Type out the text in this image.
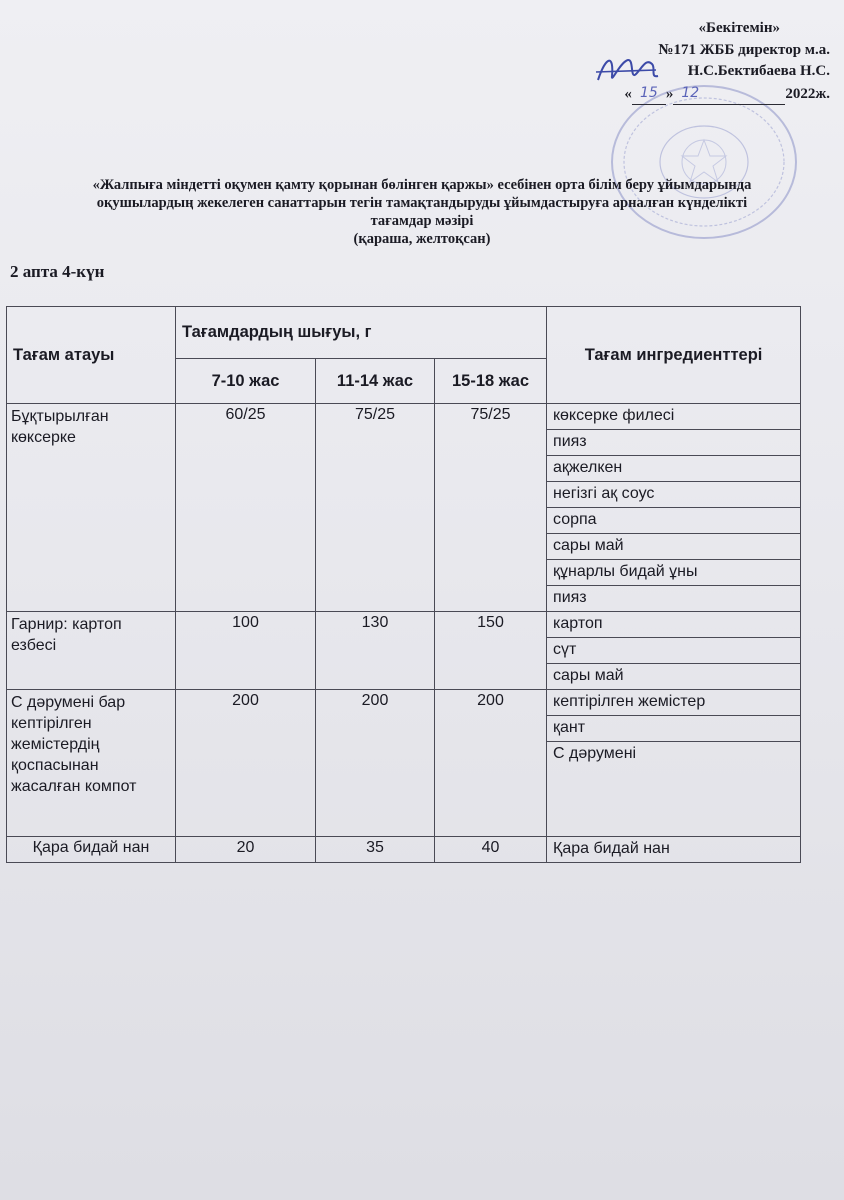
«Бекітемін»
№171 ЖББ директор м.а.
Н.С.Бектибаева Н.С.
« 15 » 12	2022ж.
«Жалпыға міндетті оқумен қамту қорынан бөлінген қаржы» есебінен орта білім беру ұйымдарында
оқушылардың жекелеген санаттарын тегін тамақтандыруды ұйымдастыруға арналған күнделікті
тағамдар мәзірі
(қараша, желтоқсан)
2 апта 4-күн
Тағам атауы	Тағамдардың шығуы, г			Тағам ингредиенттері
	7-10 жас	11-14 жас	15-18 жас	
Бұқтырылған көксерке	60/25	75/25	75/25	көксерке филесі
				пияз
				ақжелкен
				негізгі ақ соус
				сорпа
				сары май
				құнарлы бидай ұны
				пияз
Гарнир: картоп езбесі	100	130	150	картоп
				сүт
				сары май
С дәрумені бар кептірілген жемістердің қоспасынан жасалған компот	200	200	200	кептірілген жемістер
				қант
				С дәрумені
Қара бидай нан	20	35	40	Қара бидай нан
